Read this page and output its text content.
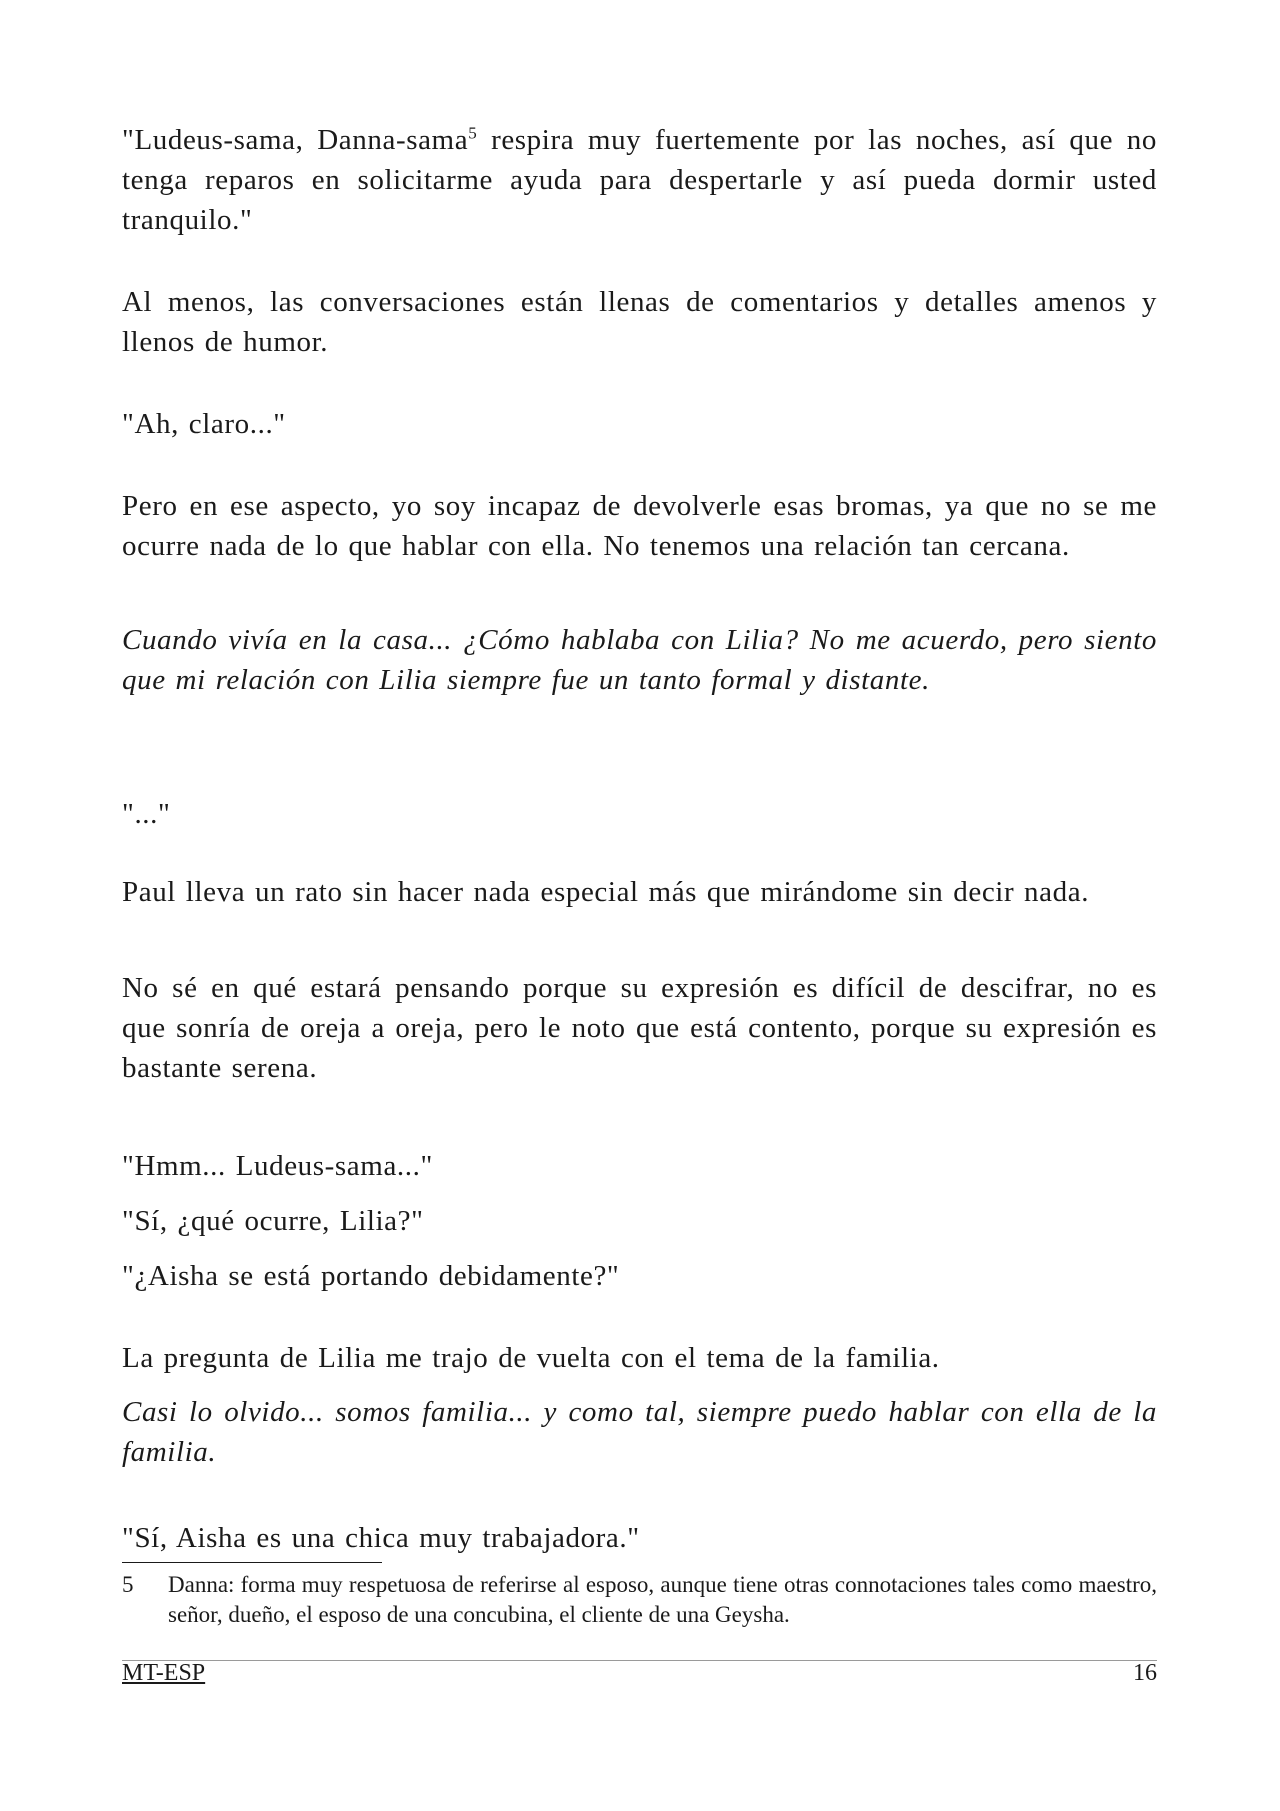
"Ludeus-sama, Danna-sama$^5$ respira muy fuertemente por las noches, así que no tenga reparos en solicitarme ayuda para despertarle y así pueda dormir usted tranquilo."

Al menos, las conversaciones están llenas de comentarios y detalles amenos y llenos de humor.

"Ah, claro..."

Pero en ese aspecto, yo soy incapaz de devolverle esas bromas, ya que no se me ocurre nada de lo que hablar con ella. No tenemos una relación tan cercana.

Cuando vivía en la casa... ¿Cómo hablaba con Lilia? No me acuerdo, pero siento que mi relación con Lilia siempre fue un tanto formal y distante.

"..."

Paul lleva un rato sin hacer nada especial más que mirándome sin decir nada.

No sé en qué estará pensando porque su expresión es difícil de descifrar, no es que sonría de oreja a oreja, pero le noto que está contento, porque su expresión es bastante serena.

"Hmm... Ludeus-sama..."

"Sí, ¿qué ocurre, Lilia?"

"¿Aisha se está portando debidamente?"

La pregunta de Lilia me trajo de vuelta con el tema de la familia.

Casi lo olvido... somos familia... y como tal, siempre puedo hablar con ella de la familia.

"Sí, Aisha es una chica muy trabajadora."

5 Danna: forma muy respetuosa de referirse al esposo, aunque tiene otras connotaciones tales como maestro, señor, dueño, el esposo de una concubina, el cliente de una Geysha.
MT-ESP	16
